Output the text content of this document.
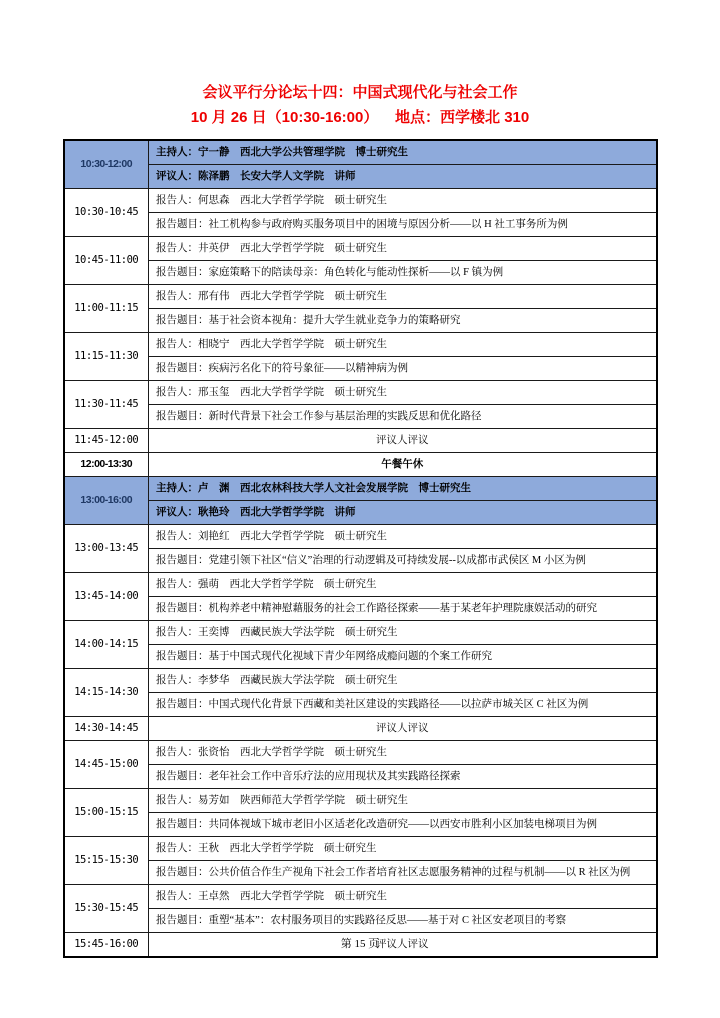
会议平行分论坛十四：中国式现代化与社会工作
10 月 26 日（10:30-16:00）    地点：西学楼北 310
10:30-12:00	主持人：宁一静　西北大学公共管理学院　博士研究生
	评议人：陈泽鹏　长安大学人文学院　讲师
10:30-10:45	报告人：何思森　西北大学哲学学院　硕士研究生
	报告题目：社工机构参与政府购买服务项目中的困境与原因分析——以 H 社工事务所为例
10:45-11:00	报告人：井英伊　西北大学哲学学院　硕士研究生
	报告题目：家庭策略下的陪读母亲：角色转化与能动性探析——以 F 镇为例
11:00-11:15	报告人：邢有伟　西北大学哲学学院　硕士研究生
	报告题目：基于社会资本视角：提升大学生就业竞争力的策略研究
11:15-11:30	报告人：相晓宁　西北大学哲学学院　硕士研究生
	报告题目：疾病污名化下的符号象征——以精神病为例
11:30-11:45	报告人：邢玉玺　西北大学哲学学院　硕士研究生
	报告题目：新时代背景下社会工作参与基层治理的实践反思和优化路径
11:45-12:00	评议人评议
12:00-13:30	午餐午休
13:00-16:00	主持人：卢　渊　西北农林科技大学人文社会发展学院　博士研究生
	评议人：耿艳玲　西北大学哲学学院　讲师
13:00-13:45	报告人：刘艳红　西北大学哲学学院　硕士研究生
	报告题目：党建引领下社区“信义”治理的行动逻辑及可持续发展--以成都市武侯区 M 小区为例
13:45-14:00	报告人：强萌　西北大学哲学学院　硕士研究生
	报告题目：机构养老中精神慰藉服务的社会工作路径探索——基于某老年护理院康娱活动的研究
14:00-14:15	报告人：王奕博　西藏民族大学法学院　硕士研究生
	报告题目：基于中国式现代化视域下青少年网络成瘾问题的个案工作研究
14:15-14:30	报告人：李梦华　西藏民族大学法学院　硕士研究生
	报告题目：中国式现代化背景下西藏和美社区建设的实践路径——以拉萨市城关区 C 社区为例
14:30-14:45	评议人评议
14:45-15:00	报告人：张资怡　西北大学哲学学院　硕士研究生
	报告题目：老年社会工作中音乐疗法的应用现状及其实践路径探索
15:00-15:15	报告人：易芳如　陕西师范大学哲学学院　硕士研究生
	报告题目：共同体视域下城市老旧小区适老化改造研究——以西安市胜利小区加装电梯项目为例
15:15-15:30	报告人：王秋　西北大学哲学学院　硕士研究生
	报告题目：公共价值合作生产视角下社会工作者培育社区志愿服务精神的过程与机制——以 R 社区为例
15:30-15:45	报告人：王卓然　西北大学哲学学院　硕士研究生
	报告题目：重塑“基本”：农村服务项目的实践路径反思——基于对 C 社区安老项目的考察
15:45-16:00	评议人评议
第 15 页
